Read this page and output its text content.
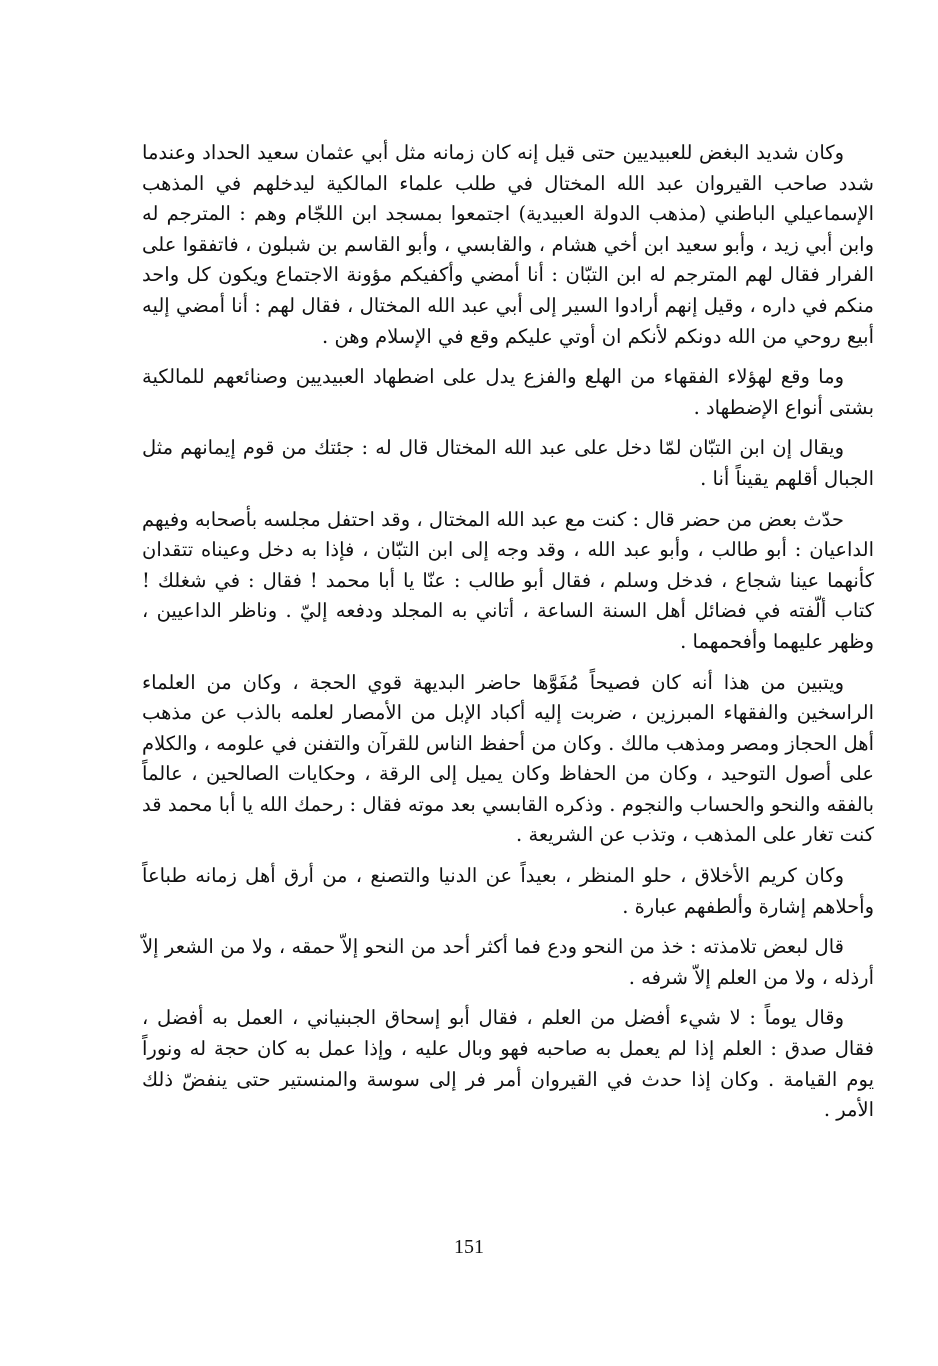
وكان شديد البغض للعبيديين حتى قيل إنه كان زمانه مثل أبي عثمان سعيد الحداد وعندما شدد صاحب القيروان عبد الله المختال في طلب علماء المالكية ليدخلهم في المذهب الإسماعيلي الباطني (مذهب الدولة العبيدية) اجتمعوا بمسجد ابن اللجّام وهم : المترجم له وابن أبي زيد ، وأبو سعيد ابن أخي هشام ، والقابسي ، وأبو القاسم بن شبلون ، فاتفقوا على الفرار فقال لهم المترجم له ابن التبّان : أنا أمضي وأكفيكم مؤونة الاجتماع ويكون كل واحد منكم في داره ، وقيل إنهم أرادوا السير إلى أبي عبد الله المختال ، فقال لهم : أنا أمضي إليه أبيع روحي من الله دونكم لأنكم ان أوتي عليكم وقع في الإسلام وهن .

وما وقع لهؤلاء الفقهاء من الهلع والفزع يدل على اضطهاد العبيديين وصنائعهم للمالكية بشتى أنواع الإضطهاد .

ويقال إن ابن التبّان لمّا دخل على عبد الله المختال قال له : جئتك من قوم إيمانهم مثل الجبال أقلهم يقيناً أنا .

حدّث بعض من حضر قال : كنت مع عبد الله المختال ، وقد احتفل مجلسه بأصحابه وفيهم الداعيان : أبو طالب ، وأبو عبد الله ، وقد وجه إلى ابن التبّان ، فإذا به دخل وعيناه تتقدان كأنهما عينا شجاع ، فدخل وسلم ، فقال أبو طالب : عنّا يا أبا محمد ! فقال : في شغلك ! كتاب ألّفته في فضائل أهل السنة الساعة ، أتاني به المجلد ودفعه إليّ . وناظر الداعيين ، وظهر عليهما وأفحمهما .

ويتبين من هذا أنه كان فصيحاً مُفَوَّها حاضر البديهة قوي الحجة ، وكان من العلماء الراسخين والفقهاء المبرزين ، ضربت إليه أكباد الإبل من الأمصار لعلمه بالذب عن مذهب أهل الحجاز ومصر ومذهب مالك . وكان من أحفظ الناس للقرآن والتفنن في علومه ، والكلام على أصول التوحيد ، وكان من الحفاظ وكان يميل إلى الرقة ، وحكايات الصالحين ، عالماً بالفقه والنحو والحساب والنجوم . وذكره القابسي بعد موته فقال : رحمك الله يا أبا محمد قد كنت تغار على المذهب ، وتذب عن الشريعة .

وكان كريم الأخلاق ، حلو المنظر ، بعيداً عن الدنيا والتصنع ، من أرق أهل زمانه طباعاً وأحلاهم إشارة وألطفهم عبارة .

قال لبعض تلامذته : خذ من النحو ودع فما أكثر أحد من النحو إلاّ حمقه ، ولا من الشعر إلاّ أرذله ، ولا من العلم إلاّ شرفه .

وقال يوماً : لا شيء أفضل من العلم ، فقال أبو إسحاق الجبنياني ، العمل به أفضل ، فقال صدق : العلم إذا لم يعمل به صاحبه فهو وبال عليه ، وإذا عمل به كان حجة له ونوراً يوم القيامة . وكان إذا حدث في القيروان أمر فر إلى سوسة والمنستير حتى ينفضّ ذلك الأمر .

151
